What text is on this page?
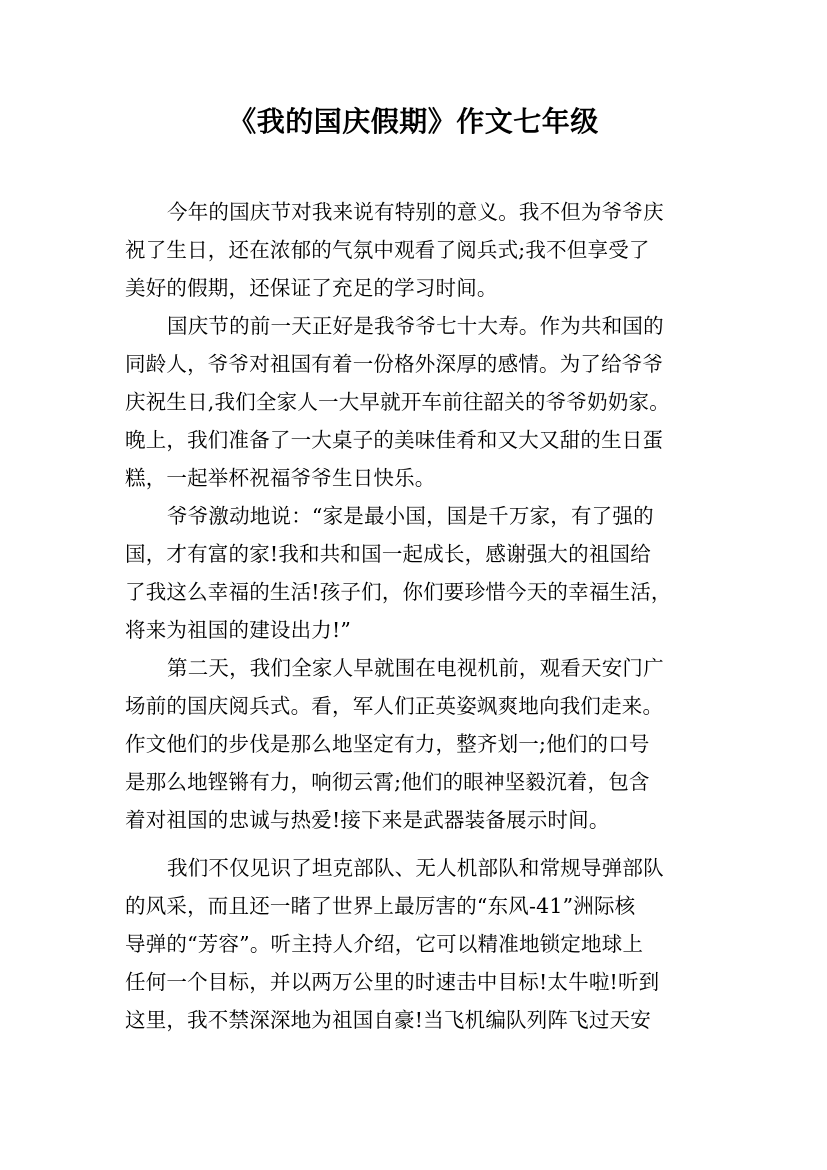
《我的国庆假期》作文七年级
今年的国庆节对我来说有特别的意义。我不但为爷爷庆
祝了生日，还在浓郁的气氛中观看了阅兵式;我不但享受了
美好的假期，还保证了充足的学习时间。
国庆节的前一天正好是我爷爷七十大寿。作为共和国的
同龄人，爷爷对祖国有着一份格外深厚的感情。为了给爷爷
庆祝生日,我们全家人一大早就开车前往韶关的爷爷奶奶家。
晚上，我们准备了一大桌子的美味佳肴和又大又甜的生日蛋
糕，一起举杯祝福爷爷生日快乐。
爷爷激动地说：“家是最小国，国是千万家，有了强的
国，才有富的家!我和共和国一起成长，感谢强大的祖国给
了我这么幸福的生活!孩子们，你们要珍惜今天的幸福生活，
将来为祖国的建设出力!”
第二天，我们全家人早就围在电视机前，观看天安门广
场前的国庆阅兵式。看，军人们正英姿飒爽地向我们走来。
作文他们的步伐是那么地坚定有力，整齐划一;他们的口号
是那么地铿锵有力，响彻云霄;他们的眼神坚毅沉着，包含
着对祖国的忠诚与热爱!接下来是武器装备展示时间。
我们不仅见识了坦克部队、无人机部队和常规导弹部队
的风采，而且还一睹了世界上最厉害的“东风-41”洲际核
导弹的“芳容”。听主持人介绍，它可以精准地锁定地球上
任何一个目标，并以两万公里的时速击中目标!太牛啦!听到
这里，我不禁深深地为祖国自豪!当飞机编队列阵飞过天安
